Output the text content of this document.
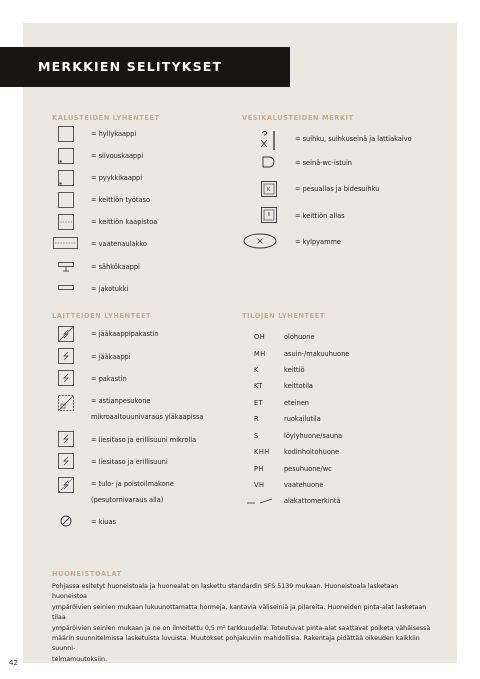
MERKKIEN SELITYKSET
KALUSTEIDEN LYHENTEET
= hyllykaappi
= siivouskaappi
= pyykkikaappi
= keittiön työtaso
= keittiön kaapistoa
= vaatenaulakko
= sähkökaappi
= jakotukki
VESIKALUSTEIDEN MERKIT
= suihku, suihkuseinä ja lattiakaivo
= seinä-wc-istuin
K	= pesuallas ja bidesuihku
= keittiön allas
= kylpyamme
LAITTEIDEN LYHENTEET
= jääkaappipakastin
= jääkaappi
= pakastin
= astianpesukone
mikroaaltouunivaraus yläkaapissa
= liesitaso ja erillisuuni mikrolla
= liesitaso ja erillisuuni
= tulo- ja poistoilmakone
(pesutornivaraus alla)
= kiuas
TILOJEN LYHENTEET
OH	olohuone
MH	asuin-/makuuhuone
K	keittiö
KT	keittotila
ET	eteinen
R	ruokailutila
S	löylyhuone/sauna
KHH kodinhoitohuone
PH	pesuhuone/wc
VH	vaatehuone
alakattomerkintä
HUONEISTOALAT
Pohjassa esitetyt huoneistoala ja huonealat on laskettu standardin SFS 5139 mukaan. Huoneistoala lasketaan huoneistoa
ympäröivien seinien mukaan lukuunottamatta hormeja, kantavia väliseiniä ja pilareita. Huoneiden pinta-alat lasketaan tilaa
ympäröivien seinien mukaan ja ne on ilmoitettu 0,5 m² tarkkuudella. Toteutuvat pinta-alat saattavat poiketa vähäisessä
määrin suunnitelmissa lasketuista luvuista. Muutokset pohjakuviin mahdollisia. Rakentaja pidättää oikeuden kaikkiin suunni-
telmamuutoksiin.
42
